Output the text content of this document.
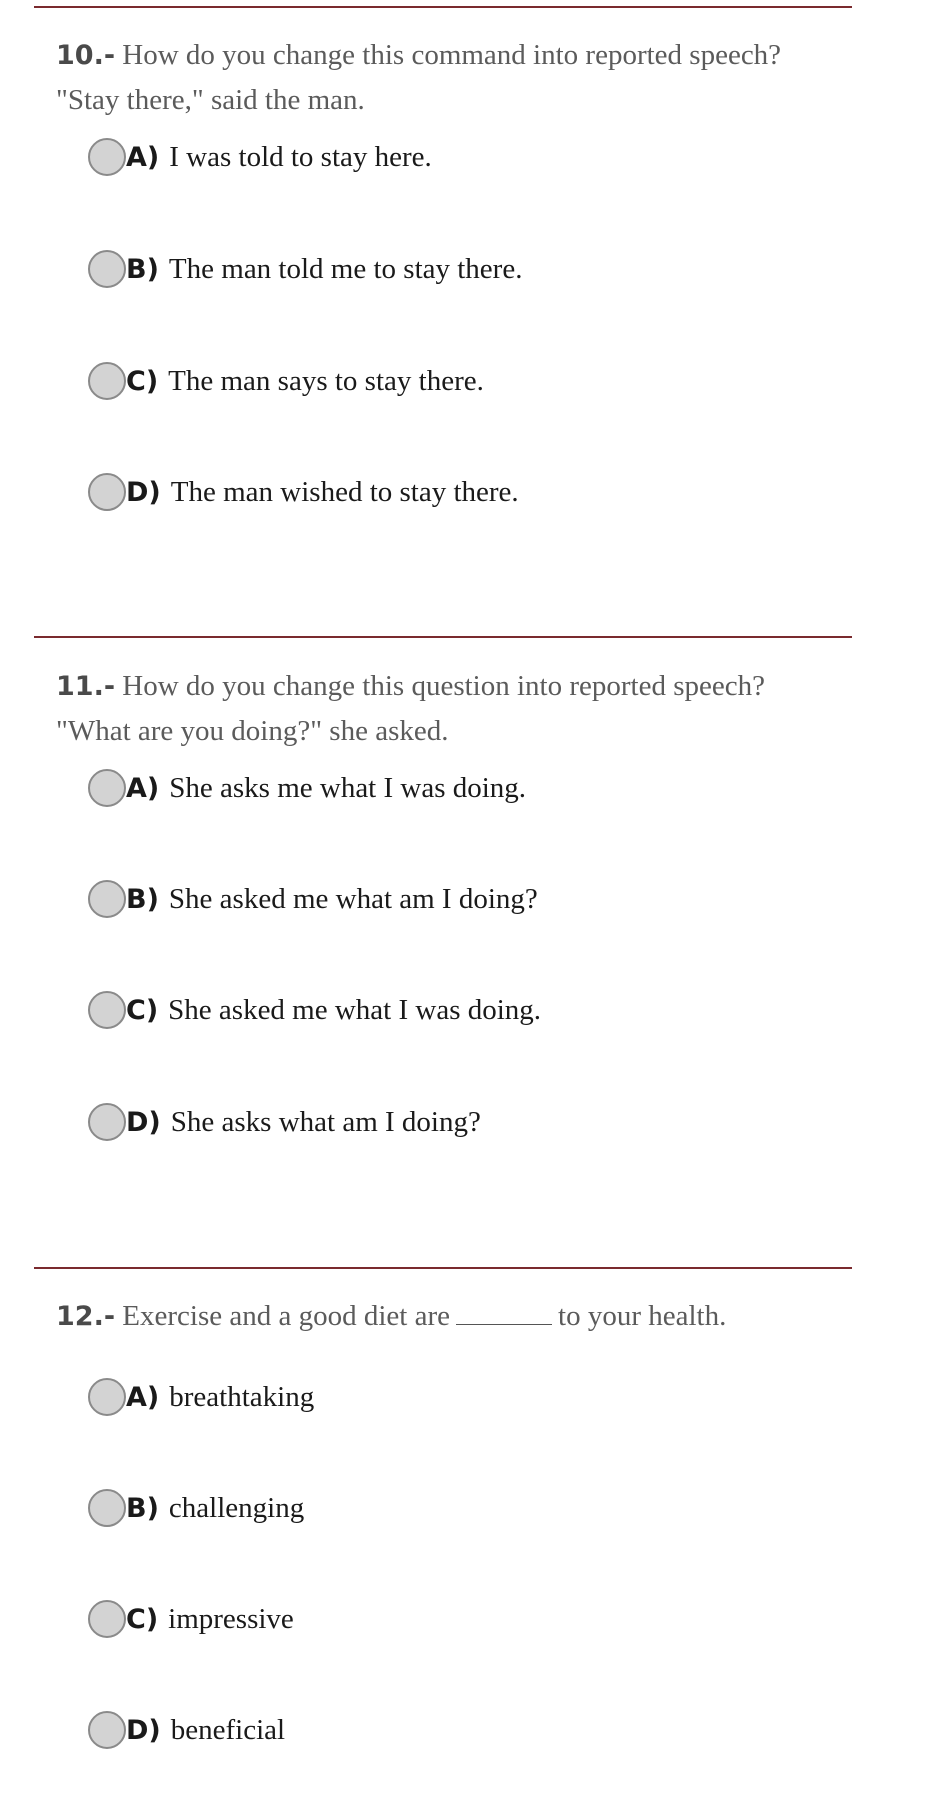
10.- How do you change this command into reported speech? "Stay there," said the man.
A) I was told to stay here.
B) The man told me to stay there.
C) The man says to stay there.
D) The man wished to stay there.
11.- How do you change this question into reported speech? "What are you doing?" she asked.
A) She asks me what I was doing.
B) She asked me what am I doing?
C) She asked me what I was doing.
D) She asks what am I doing?
12.- Exercise and a good diet are	to your health.
A) breathtaking
B) challenging
C) impressive
D) beneficial
